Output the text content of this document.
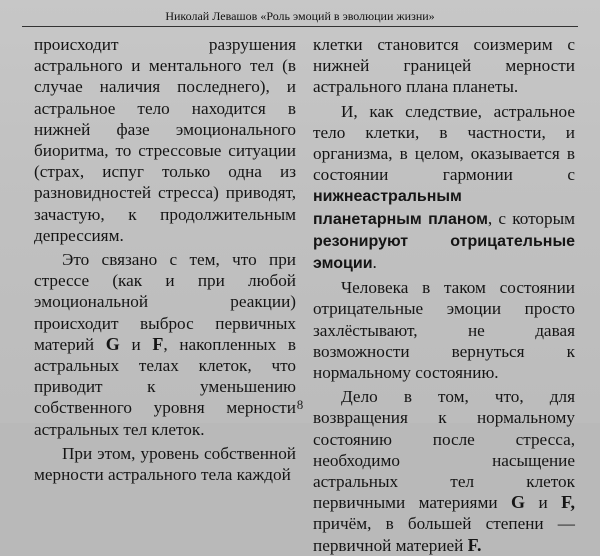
Николай Левашов «Роль эмоций в эволюции жизни»

происходит разрушения астрального и ментального тел (в случае наличия последнего), и астральное тело находится в нижней фазе эмоционального биоритма, то стрессовые ситуации (страх, испуг только одна из разновидностей стресса) приводят, зачастую, к продолжительным депрессиям.

Это связано с тем, что при стрессе (как и при любой эмоциональной реакции) происходит выброс первичных материй G и F, накопленных в астральных телах клеток, что приводит к уменьшению собственного уровня мерности астральных тел клеток.

При этом, уровень собственной мерности астрального тела каждой

клетки становится соизмерим с нижней границей мерности астрального плана планеты.

И, как следствие, астральное тело клетки, в частности, и организма, в целом, оказывается в состоянии гармонии с нижнеастральным планетарным планом, с которым резонируют отрицательные эмоции.

Человека в таком состоянии отрицательные эмоции просто захлёстывают, не давая возможности вернуться к нормальному состоянию.

Дело в том, что, для возвращения к нормальному состоянию после стресса, необходимо насыщение астральных тел клеток первичными материями G и F, причём, в большей степени — первичной материей F.

8
